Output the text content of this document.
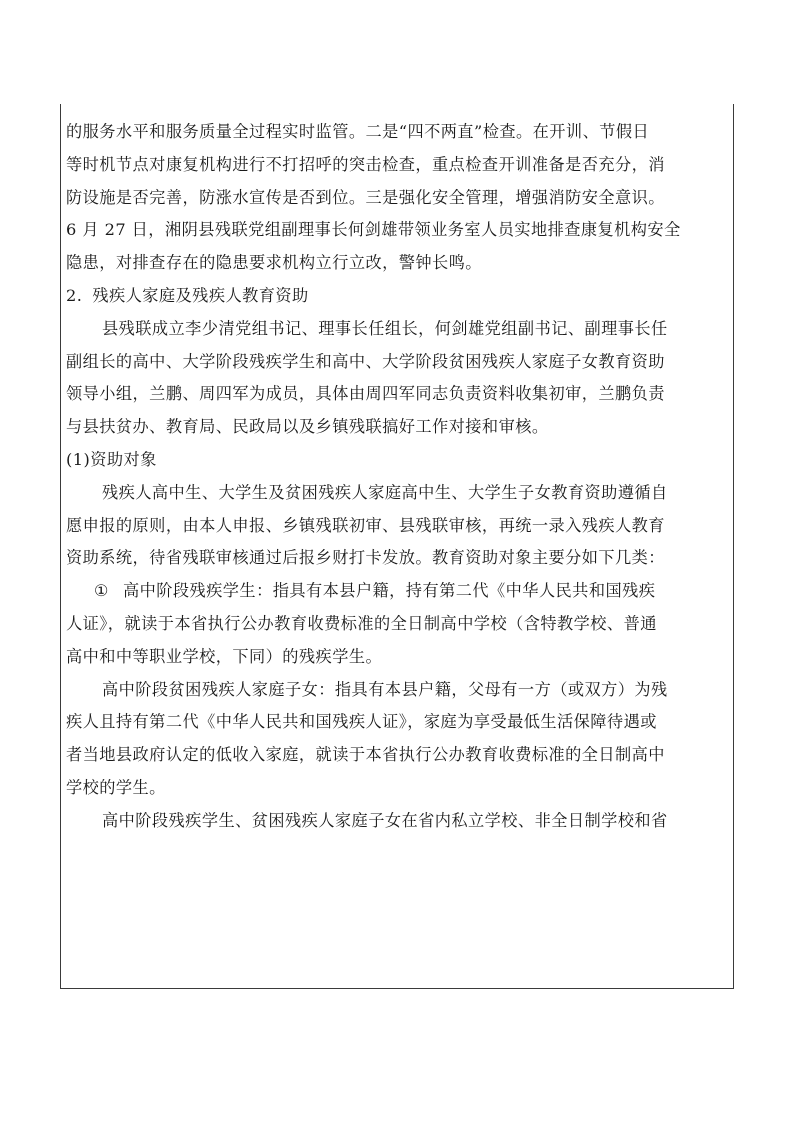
的服务水平和服务质量全过程实时监管。二是“四不两直”检查。在开训、节假日
等时机节点对康复机构进行不打招呼的突击检查，重点检查开训准备是否充分，消
防设施是否完善，防涨水宣传是否到位。三是强化安全管理，增强消防安全意识。
6 月 27 日，湘阴县残联党组副理事长何剑雄带领业务室人员实地排查康复机构安全
隐患，对排查存在的隐患要求机构立行立改，警钟长鸣。
2. 残疾人家庭及残疾人教育资助
县残联成立李少清党组书记、理事长任组长，何剑雄党组副书记、副理事长任
副组长的高中、大学阶段残疾学生和高中、大学阶段贫困残疾人家庭子女教育资助
领导小组，兰鹏、周四军为成员，具体由周四军同志负责资料收集初审，兰鹏负责
与县扶贫办、教育局、民政局以及乡镇残联搞好工作对接和审核。
(1)资助对象
残疾人高中生、大学生及贫困残疾人家庭高中生、大学生子女教育资助遵循自
愿申报的原则，由本人申报、乡镇残联初审、县残联审核，再统一录入残疾人教育
资助系统，待省残联审核通过后报乡财打卡发放。教育资助对象主要分如下几类：
① 高中阶段残疾学生：指具有本县户籍，持有第二代《中华人民共和国残疾
人证》，就读于本省执行公办教育收费标准的全日制高中学校（含特教学校、普通
高中和中等职业学校，下同）的残疾学生。
高中阶段贫困残疾人家庭子女：指具有本县户籍，父母有一方（或双方）为残
疾人且持有第二代《中华人民共和国残疾人证》，家庭为享受最低生活保障待遇或
者当地县政府认定的低收入家庭，就读于本省执行公办教育收费标准的全日制高中
学校的学生。
高中阶段残疾学生、贫困残疾人家庭子女在省内私立学校、非全日制学校和省
